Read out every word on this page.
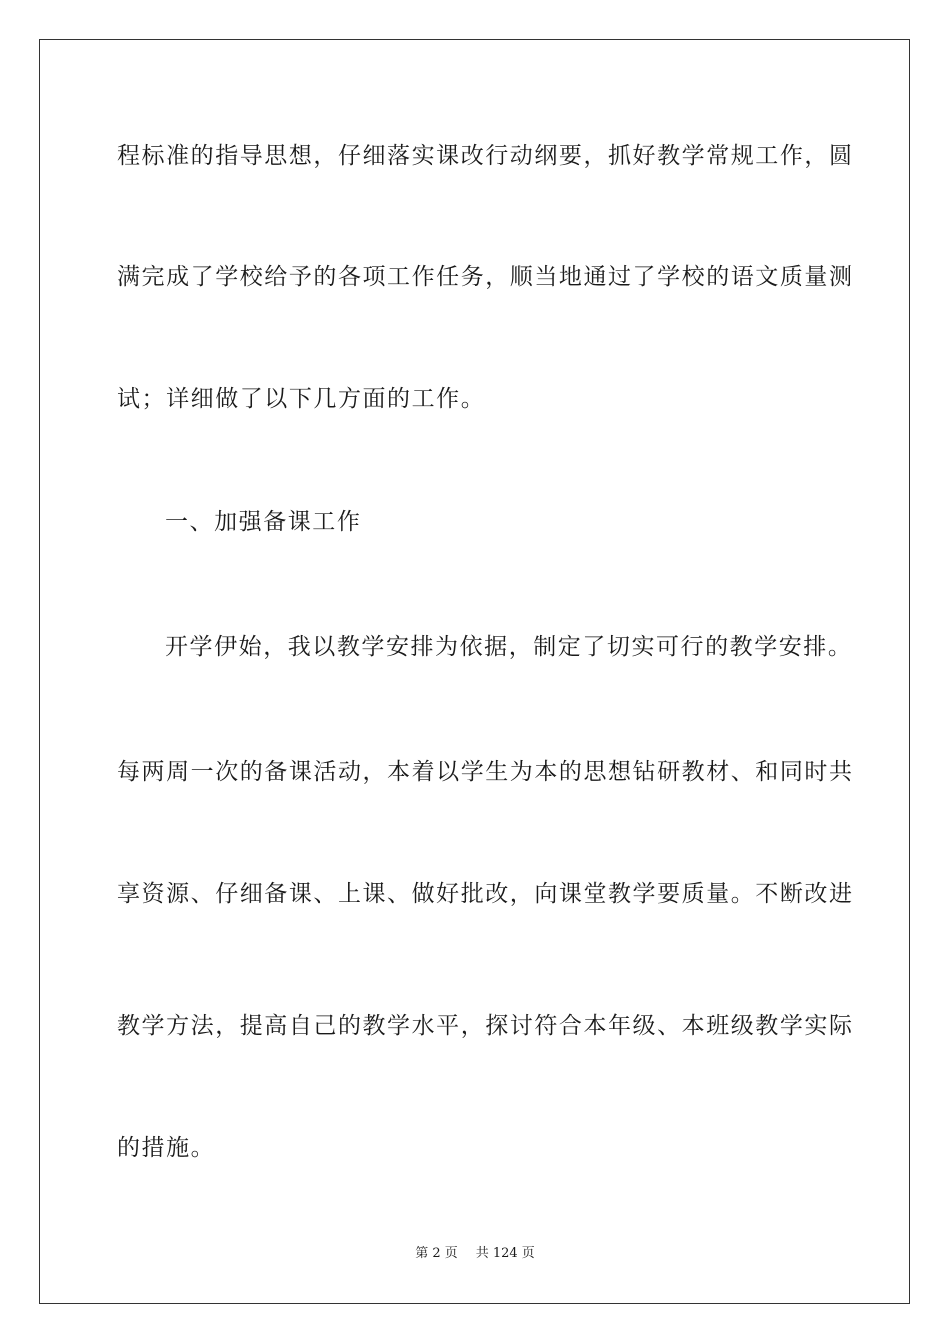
程标准的指导思想，仔细落实课改行动纲要，抓好教学常规工作，圆
满完成了学校给予的各项工作任务，顺当地通过了学校的语文质量测
试；详细做了以下几方面的工作。
一、加强备课工作
开学伊始，我以教学安排为依据，制定了切实可行的教学安排。
每两周一次的备课活动，本着以学生为本的思想钻研教材、和同时共
享资源、仔细备课、上课、做好批改，向课堂教学要质量。不断改进
教学方法，提高自己的教学水平，探讨符合本年级、本班级教学实际
的措施。
第 2 页 共 124 页
